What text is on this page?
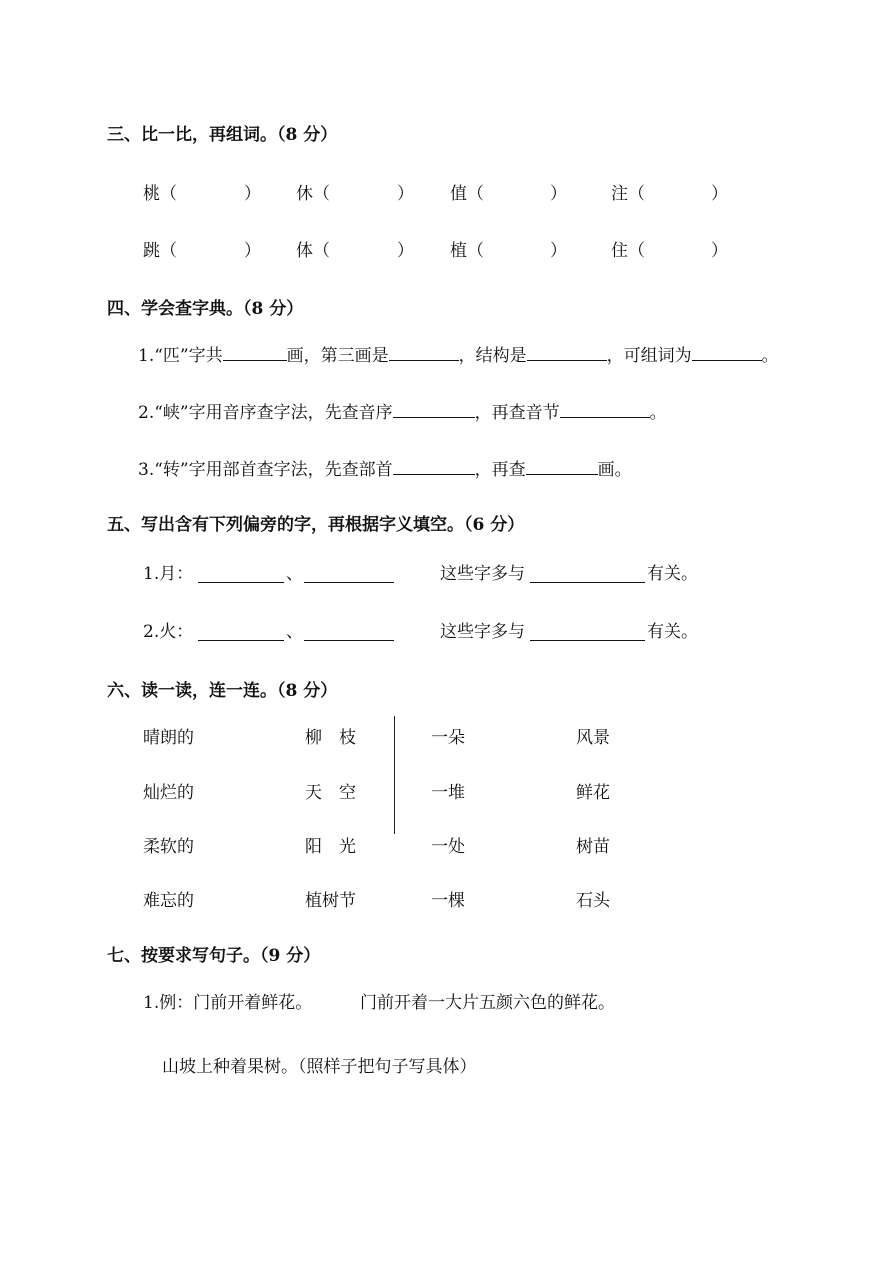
三、比一比，再组词。（8 分）
桃（	） 休（	） 值（	）	注（	）
跳（	） 体（	） 植（	）	住（	）
四、学会查字典。（8 分）
1.“匹”字共	画，第三画是	，结构是	，可组词为	。
2.“峡”字用音序查字法，先查音序	，再查音节	。
3.“转”字用部首查字法，先查部首	，再查	画。
五、写出含有下列偏旁的字，再根据字义填空。（6 分）
1.月：	、	这些字多与	有关。
2.火：	、	这些字多与	有关。
六、读一读，连一连。（8 分）
晴朗的	柳　枝	一朵	风景
灿烂的	天　空	一堆	鲜花
柔软的	阳　光	一处	树苗
难忘的	植树节	一棵	石头
七、按要求写句子。（9 分）
1.例：门前开着鲜花。	门前开着一大片五颜六色的鲜花。
山坡上种着果树。（照样子把句子写具体）
